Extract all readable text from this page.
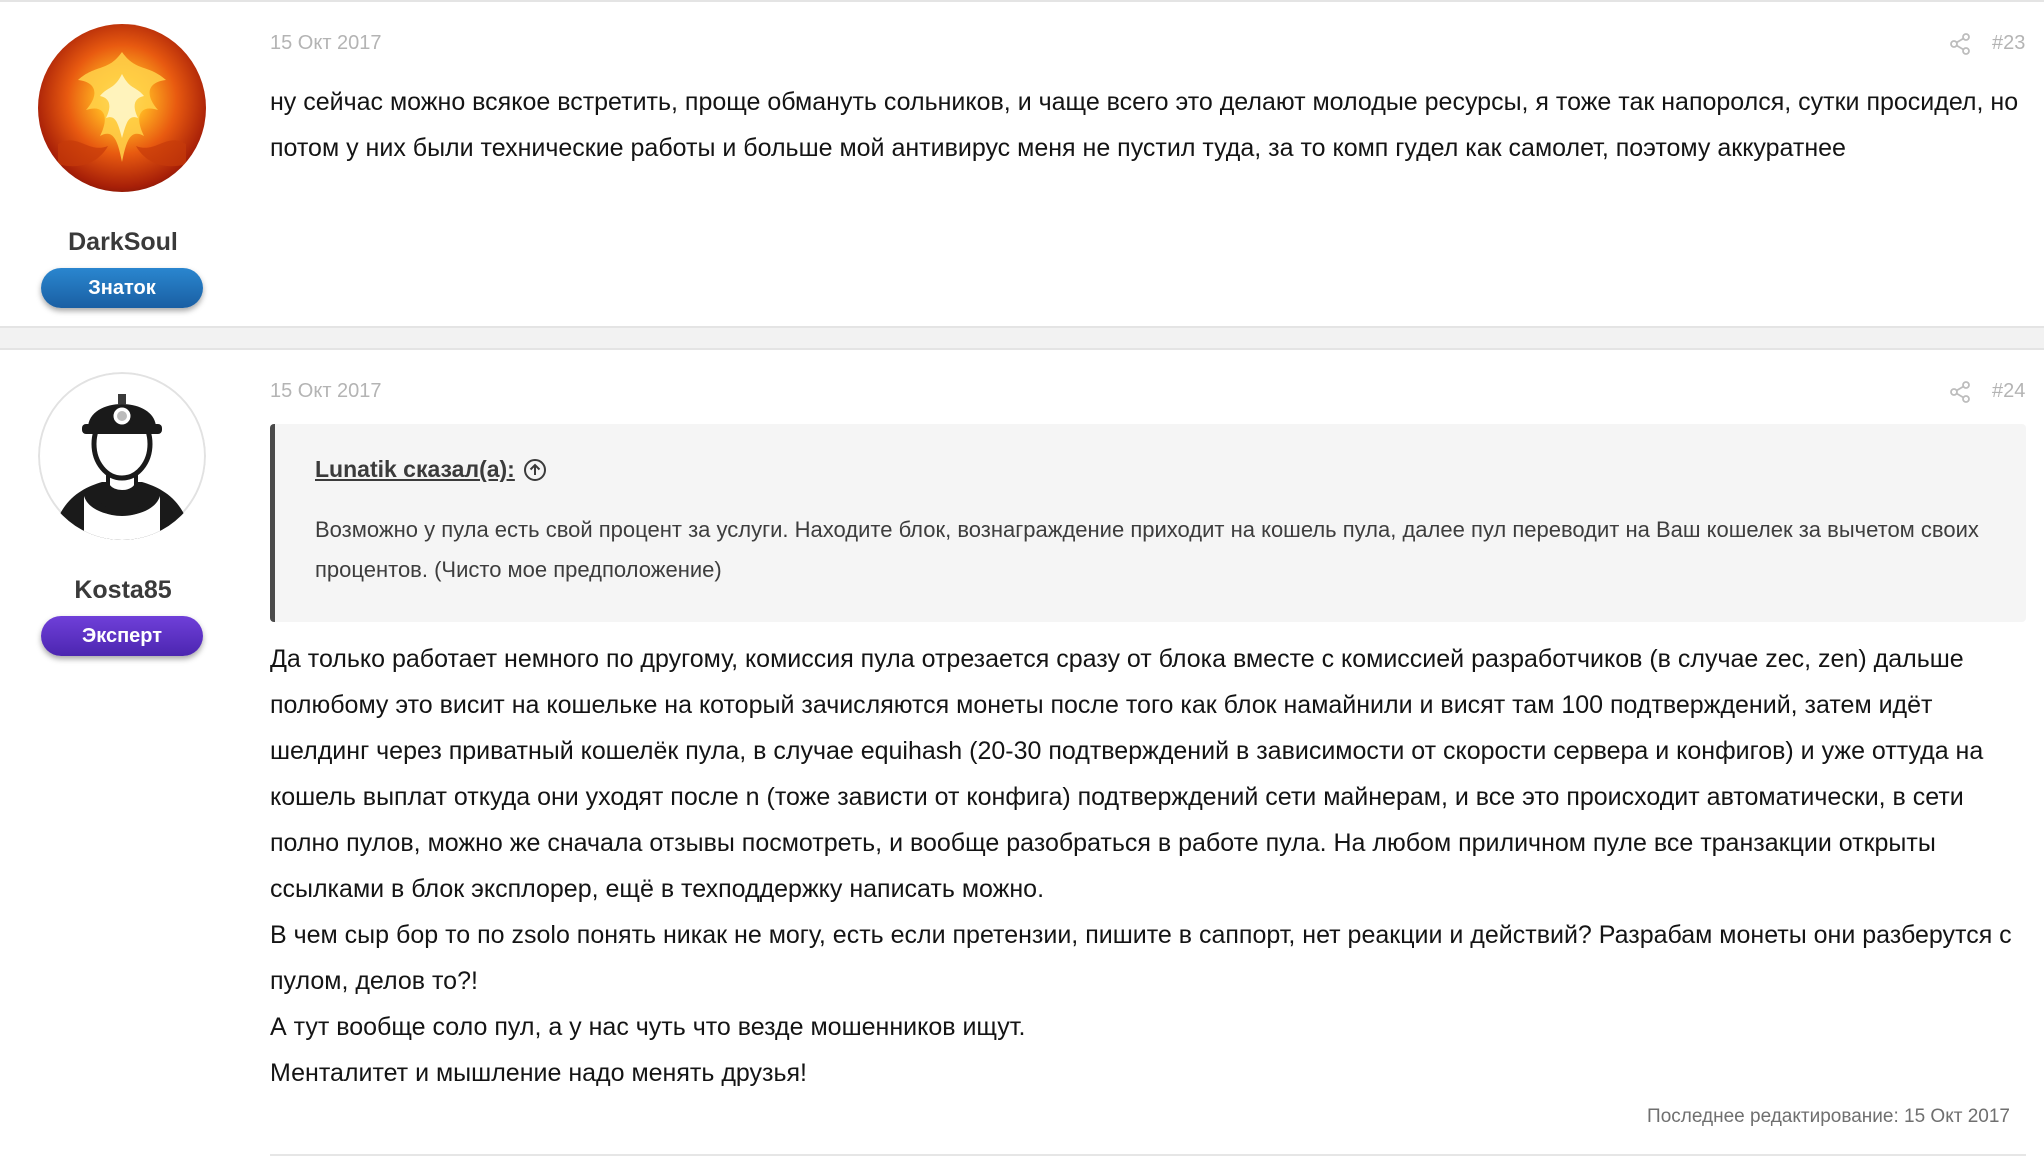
DarkSoul
Знаток
15 Окт 2017	#23

ну сейчас можно всякое встретить, проще обмануть сольников, и чаще всего это делают молодые ресурсы, я тоже так напоролся, сутки просидел, но потом у них были технические работы и больше мой антивирус меня не пустил туда, за то комп гудел как самолет, поэтому аккуратнее

Kosta85
Эксперт
15 Окт 2017	#24
Lunatik сказал(а):
Возможно у пула есть свой процент за услуги. Находите блок, вознаграждение приходит на кошель пула, далее пул переводит на Ваш кошелек за вычетом своих процентов. (Чисто мое предположение)

Да только работает немного по другому, комиссия пула отрезается сразу от блока вместе с комиссией разработчиков (в случае zec, zen) дальше полюбому это висит на кошельке на который зачисляются монеты после того как блок намайнили и висят там 100 подтверждений, затем идёт шелдинг через приватный кошелёк пула, в случае equihash (20-30 подтверждений в зависимости от скорости сервера и конфигов) и уже оттуда на кошель выплат откуда они уходят после n (тоже зависти от конфига) подтверждений сети майнерам, и все это происходит автоматически, в сети полно пулов, можно же сначала отзывы посмотреть, и вообще разобраться в работе пула. На любом приличном пуле все транзакции открыты ссылками в блок эксплорер, ещё в техподдержку написать можно.

В чем сыр бор то по zsolo понять никак не могу, есть если претензии, пишите в саппорт, нет реакции и действий? Разрабам монеты они разберутся с пулом, делов то?!

А тут вообще соло пул, а у нас чуть что везде мошенников ищут.

Менталитет и мышление надо менять друзья!

Последнее редактирование: 15 Окт 2017
